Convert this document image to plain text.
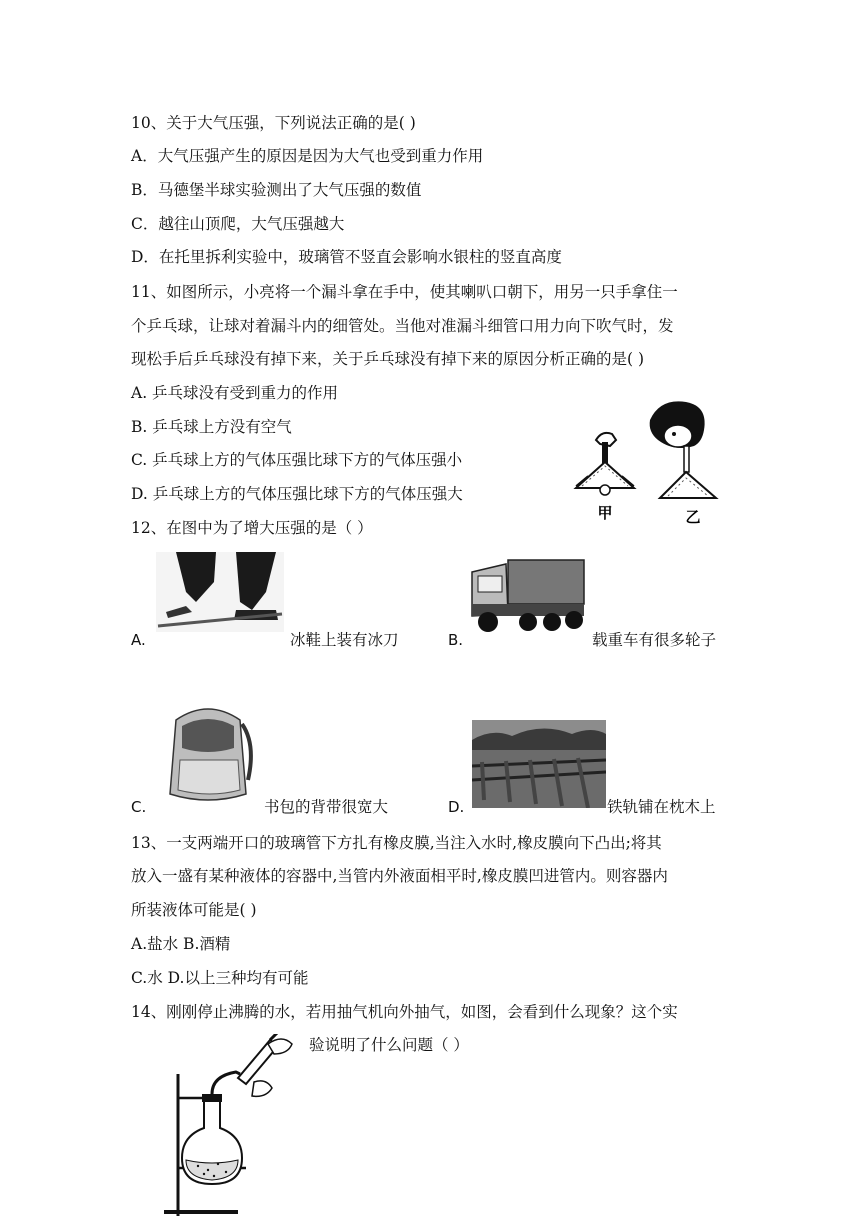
10、关于大气压强，下列说法正确的是( )
A．大气压强产生的原因是因为大气也受到重力作用
B．马德堡半球实验测出了大气压强的数值
C．越往山顶爬，大气压强越大
D．在托里拆利实验中，玻璃管不竖直会影响水银柱的竖直高度
11、如图所示，小亮将一个漏斗拿在手中，使其喇叭口朝下，用另一只手拿住一
个乒乓球，让球对着漏斗内的细管处。当他对准漏斗细管口用力向下吹气时，发
现松手后乒乓球没有掉下来，关于乒乓球没有掉下来的原因分析正确的是( )
A. 乒乓球没有受到重力的作用
B. 乒乓球上方没有空气
C. 乒乓球上方的气体压强比球下方的气体压强小
D. 乒乓球上方的气体压强比球下方的气体压强大
甲	乙
12、在图中为了增大压强的是（ ）
A.	冰鞋上装有冰刀	B.	载重车有很多轮子
C.	书包的背带很宽大	D.	铁轨铺在枕木上
13、一支两端开口的玻璃管下方扎有橡皮膜,当注入水时,橡皮膜向下凸出;将其
放入一盛有某种液体的容器中,当管内外液面相平时,橡皮膜凹进管内。则容器内
所装液体可能是( )
A.盐水 B.酒精
C.水 D.以上三种均有可能
14、刚刚停止沸腾的水，若用抽气机向外抽气，如图，会看到什么现象？这个实
验说明了什么问题（ ）
